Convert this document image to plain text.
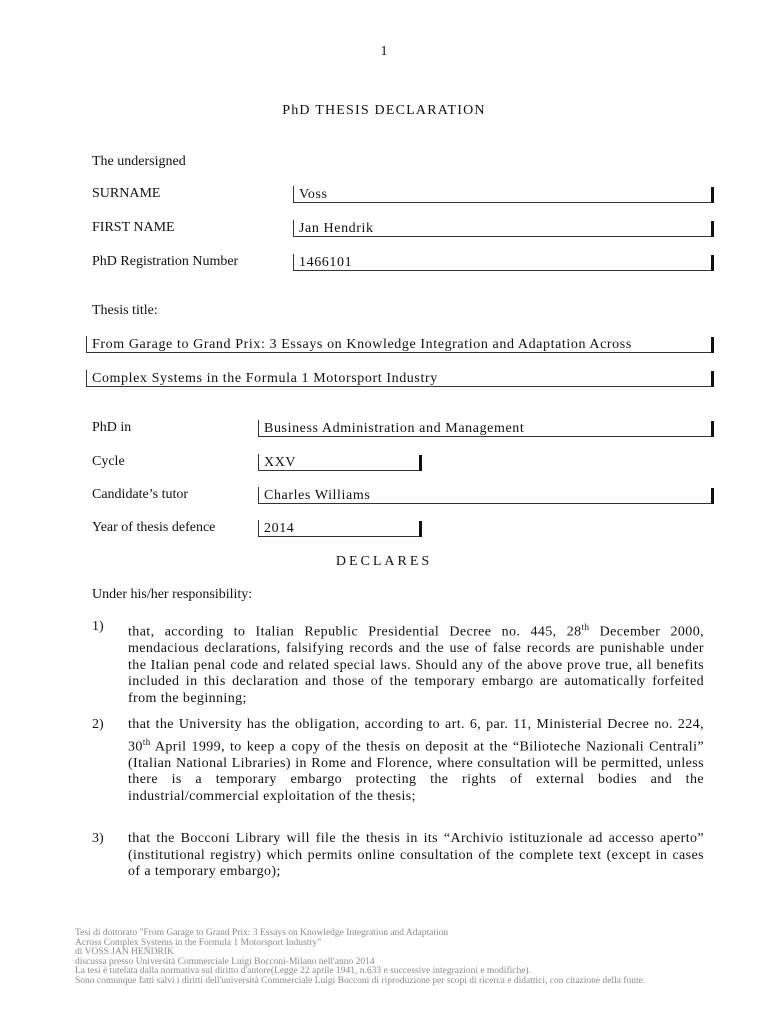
1
PhD THESIS DECLARATION
The undersigned
SURNAME	Voss
FIRST NAME	Jan Hendrik
PhD Registration Number	1466101
Thesis title:
From Garage to Grand Prix: 3 Essays on Knowledge Integration and Adaptation Across
Complex Systems in the Formula 1 Motorsport Industry
PhD in	Business Administration and Management
Cycle	XXV
Candidate’s tutor	Charles Williams
Year of thesis defence	2014
DECLARES
Under his/her responsibility:
1) that, according to Italian Republic Presidential Decree no. 445, 28th December 2000, mendacious declarations, falsifying records and the use of false records are punishable under the Italian penal code and related special laws. Should any of the above prove true, all benefits included in this declaration and those of the temporary embargo are automatically forfeited from the beginning;
2) that the University has the obligation, according to art. 6, par. 11, Ministerial Decree no. 224, 30th April 1999, to keep a copy of the thesis on deposit at the “Bilioteche Nazionali Centrali” (Italian National Libraries) in Rome and Florence, where consultation will be permitted, unless there is a temporary embargo protecting the rights of external bodies and the industrial/commercial exploitation of the thesis;
3) that the Bocconi Library will file the thesis in its “Archivio istituzionale ad accesso aperto” (institutional registry) which permits online consultation of the complete text (except in cases of a temporary embargo);
Tesi di dottorato "From Garage to Grand Prix: 3 Essays on Knowledge Integration and Adaptation
Across Complex Systems in the Formula 1 Motorsport Industry"
di VOSS JAN HENDRIK
discussa presso Università Commerciale Luigi Bocconi-Milano nell'anno 2014
La tesi è tutelata dalla normativa sul diritto d'autore(Legge 22 aprile 1941, n.633 e successive integrazioni e modifiche).
Sono comunque fatti salvi i diritti dell'università Commerciale Luigi Bocconi di riproduzione per scopi di ricerca e didattici, con citazione della fonte.
